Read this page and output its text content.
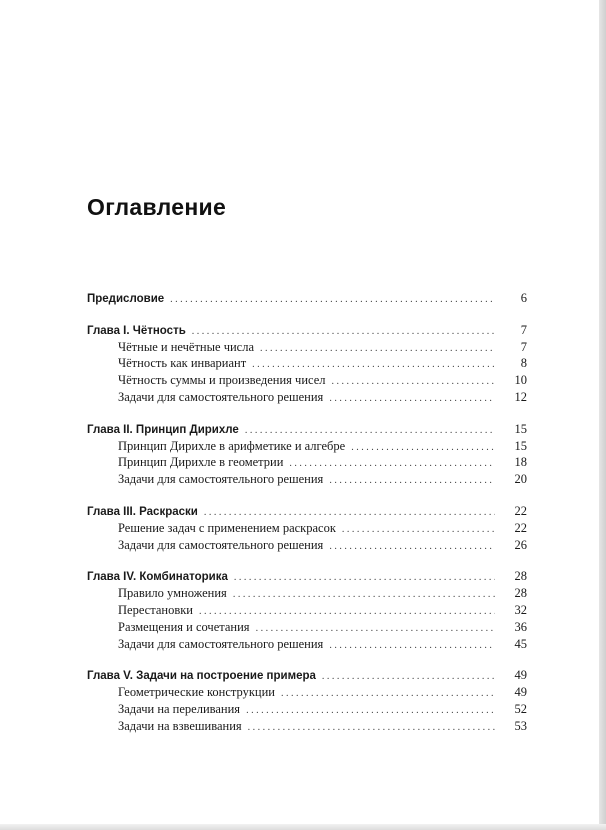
Оглавление
Предисловие . . .	6
Глава I. Чётность . . .	7
Чётные и нечётные числа . . .	7
Чётность как инвариант . . .	8
Чётность суммы и произведения чисел . . .	10
Задачи для самостоятельного решения . . .	12
Глава II. Принцип Дирихле . . .	15
Принцип Дирихле в арифметике и алгебре . . .	15
Принцип Дирихле в геометрии . . .	18
Задачи для самостоятельного решения . . .	20
Глава III. Раскраски . . .	22
Решение задач с применением раскрасок . . .	22
Задачи для самостоятельного решения . . .	26
Глава IV. Комбинаторика . . .	28
Правило умножения . . .	28
Перестановки . . .	32
Размещения и сочетания . . .	36
Задачи для самостоятельного решения . . .	45
Глава V. Задачи на построение примера . . .	49
Геометрические конструкции . . .	49
Задачи на переливания . . .	52
Задачи на взвешивания . . .	53
